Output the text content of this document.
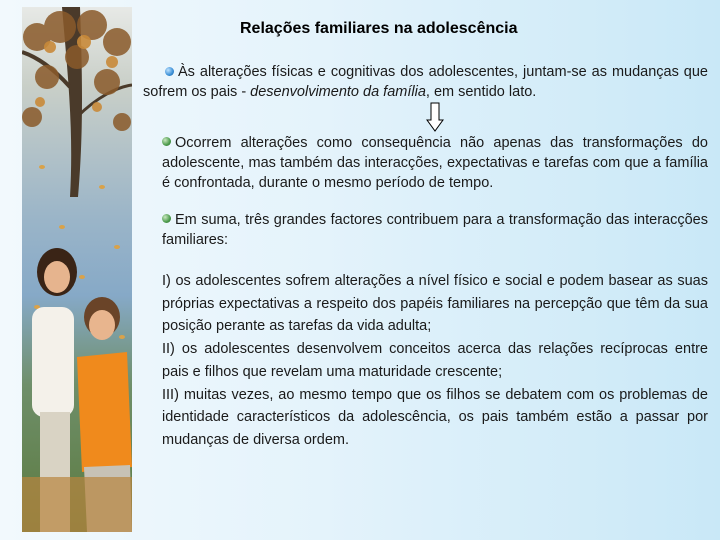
Relações familiares na adolescência
Às alterações físicas e cognitivas dos adolescentes, juntam-se as mudanças que sofrem os pais - desenvolvimento da família, em sentido lato.
Ocorrem alterações como consequência não apenas das transformações do adolescente, mas também das interacções, expectativas e tarefas com que a família é confrontada, durante o mesmo período de tempo.
Em suma, três grandes factores contribuem para a transformação das interacções familiares:
I) os adolescentes sofrem alterações a nível físico e social e podem basear as suas próprias expectativas a respeito dos papéis familiares na percepção que têm da sua posição perante as tarefas da vida adulta;
II) os adolescentes desenvolvem conceitos acerca das relações recíprocas entre pais e filhos que revelam uma maturidade crescente;
III) muitas vezes, ao mesmo tempo que os filhos se debatem com os problemas de identidade característicos da adolescência, os pais também estão a passar por mudanças de diversa ordem.
